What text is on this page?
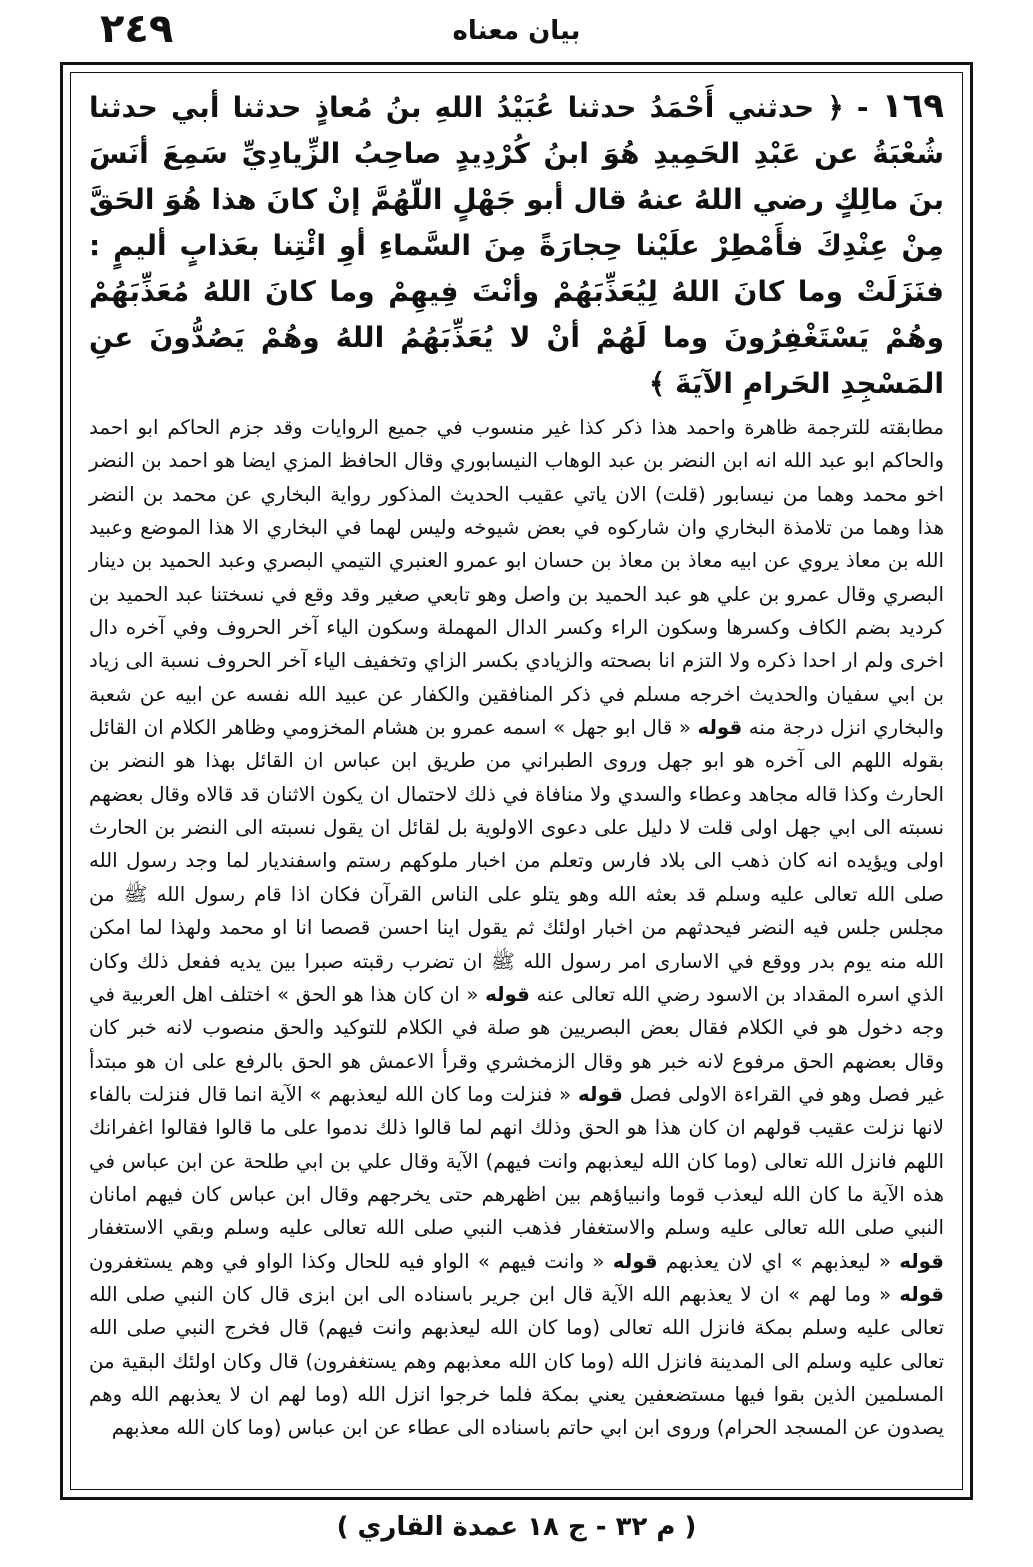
٢٤٩	بيان معناه

١٦٩ - ﴿ حدثني أَحْمَدُ حدثنا عُبَيْدُ اللهِ بنُ مُعاذٍ حدثنا أبي حدثنا شُعْبَةُ عن عَبْدِ الحَمِيدِ هُوَ ابنُ كُرْدِيدٍ صاحِبُ الزِّيادِيِّ سَمِعَ أنَسَ بنَ مالِكٍ رضي اللهُ عنهُ قال أبو جَهْلٍ اللّهُمَّ إنْ كانَ هذا هُوَ الحَقَّ مِنْ عِنْدِكَ فأَمْطِرْ علَيْنا حِجارَةً مِنَ السَّماءِ أوِ ائْتِنا بعَذابٍ أليمٍ : فنَزَلَتْ وما كانَ اللهُ لِيُعَذِّبَهُمْ وأنْتَ فِيهِمْ وما كانَ اللهُ مُعَذِّبَهُمْ وهُمْ يَسْتَغْفِرُونَ وما لَهُمْ أنْ لا يُعَذِّبَهُمُ اللهُ وهُمْ يَصُدُّونَ عنِ المَسْجِدِ الحَرامِ الآيَةَ ﴾

مطابقته للترجمة ظاهرة واحمد هذا ذكر كذا غير منسوب في جميع الروايات وقد جزم الحاكم ابو احمد والحاكم ابو عبد الله انه ابن النضر بن عبد الوهاب النيسابوري وقال الحافظ المزي ايضا هو احمد بن النضر اخو محمد وهما من نيسابور (قلت) الان ياتي عقيب الحديث المذكور رواية البخاري عن محمد بن النضر هذا وهما من تلامذة البخاري وان شاركوه في بعض شيوخه وليس لهما في البخاري الا هذا الموضع وعبيد الله بن معاذ يروي عن ابيه معاذ بن معاذ بن حسان ابو عمرو العنبري التيمي البصري وعبد الحميد بن دينار البصري وقال عمرو بن علي هو عبد الحميد بن واصل وهو تابعي صغير وقد وقع في نسختنا عبد الحميد بن كرديد بضم الكاف وكسرها وسكون الراء وكسر الدال المهملة وسكون الياء آخر الحروف وفي آخره دال اخرى ولم ار احدا ذكره ولا التزم انا بصحته والزيادي بكسر الزاي وتخفيف الياء آخر الحروف نسبة الى زياد بن ابي سفيان والحديث اخرجه مسلم في ذكر المنافقين والكفار عن عبيد الله نفسه عن ابيه عن شعبة والبخاري انزل درجة منه قوله « قال ابو جهل » اسمه عمرو بن هشام المخزومي وظاهر الكلام ان القائل بقوله اللهم الى آخره هو ابو جهل وروى الطبراني من طريق ابن عباس ان القائل بهذا هو النضر بن الحارث وكذا قاله مجاهد وعطاء والسدي ولا منافاة في ذلك لاحتمال ان يكون الاثنان قد قالاه وقال بعضهم نسبته الى ابي جهل اولى قلت لا دليل على دعوى الاولوية بل لقائل ان يقول نسبته الى النضر بن الحارث اولى ويؤيده انه كان ذهب الى بلاد فارس وتعلم من اخبار ملوكهم رستم واسفنديار لما وجد رسول الله صلى الله تعالى عليه وسلم قد بعثه الله وهو يتلو على الناس القرآن فكان اذا قام رسول الله ﷺ من مجلس جلس فيه النضر فيحدثهم من اخبار اولئك ثم يقول اينا احسن قصصا انا او محمد ولهذا لما امكن الله منه يوم بدر ووقع في الاسارى امر رسول الله ﷺ ان تضرب رقبته صبرا بين يديه ففعل ذلك وكان الذي اسره المقداد بن الاسود رضي الله تعالى عنه قوله « ان كان هذا هو الحق » اختلف اهل العربية في وجه دخول هو في الكلام فقال بعض البصريين هو صلة في الكلام للتوكيد والحق منصوب لانه خبر كان وقال بعضهم الحق مرفوع لانه خبر هو وقال الزمخشري وقرأ الاعمش هو الحق بالرفع على ان هو مبتدأ غير فصل وهو في القراءة الاولى فصل قوله « فنزلت وما كان الله ليعذبهم » الآية انما قال فنزلت بالفاء لانها نزلت عقيب قولهم ان كان هذا هو الحق وذلك انهم لما قالوا ذلك ندموا على ما قالوا فقالوا اغفرانك اللهم فانزل الله تعالى (وما كان الله ليعذبهم وانت فيهم) الآية وقال علي بن ابي طلحة عن ابن عباس في هذه الآية ما كان الله ليعذب قوما وانبياؤهم بين اظهرهم حتى يخرجهم وقال ابن عباس كان فيهم امانان النبي صلى الله تعالى عليه وسلم والاستغفار فذهب النبي صلى الله تعالى عليه وسلم وبقي الاستغفار قوله « ليعذبهم » اي لان يعذبهم قوله « وانت فيهم » الواو فيه للحال وكذا الواو في وهم يستغفرون قوله « وما لهم » ان لا يعذبهم الله الآية قال ابن جرير باسناده الى ابن ابزى قال كان النبي صلى الله تعالى عليه وسلم بمكة فانزل الله تعالى (وما كان الله ليعذبهم وانت فيهم) قال فخرج النبي صلى الله تعالى عليه وسلم الى المدينة فانزل الله (وما كان الله معذبهم وهم يستغفرون) قال وكان اولئك البقية من المسلمين الذين بقوا فيها مستضعفين يعني بمكة فلما خرجوا انزل الله (وما لهم ان لا يعذبهم الله وهم يصدون عن المسجد الحرام) وروى ابن ابي حاتم باسناده الى عطاء عن ابن عباس (وما كان الله معذبهم

( م ٣٢ - ج ١٨ عمدة القاري )
